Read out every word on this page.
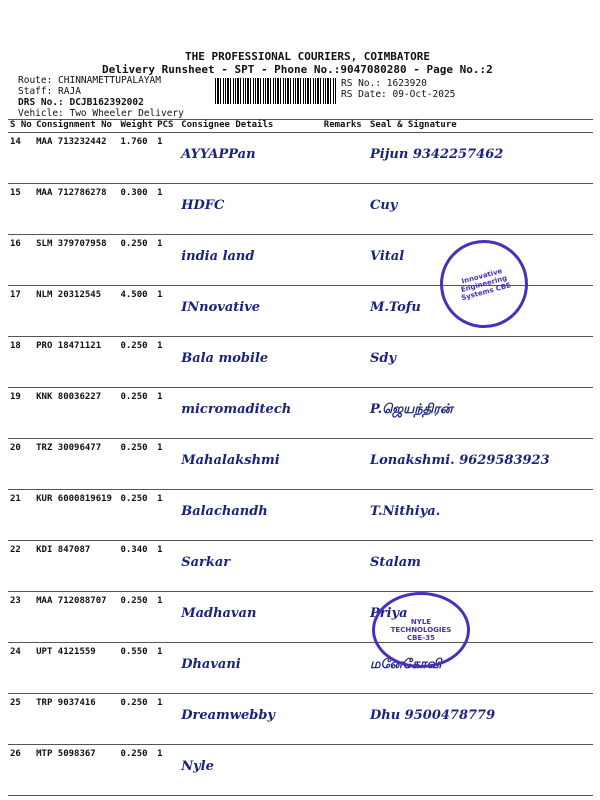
THE PROFESSIONAL COURIERS, COIMBATORE
Delivery Runsheet - SPT - Phone No.:9047080280 - Page No.:2
Route: CHINNAMETTUPALAYAM
Staff: RAJA
DRS No.: DCJB162392002
Vehicle: Two Wheeler Delivery
RS No.: 1623920
RS Date: 09-Oct-2025
S No	Consignment No	Weight	PCS	Consignee Details	Remarks	Seal & Signature
14	MAA 713232442	1.760	1	AYYAPPan		Pijun 9342257462
15	MAA 712786278	0.300	1	HDFC		Cuy
16	SLM 379707958	0.250	1	india land		Vital
17	NLM 20312545	4.500	1	INnovative		M.Tofu
18	PRO 18471121	0.250	1	Bala mobile		Sdy
19	KNK 80036227	0.250	1	micromaditech		P.ஜெயந்திரன்
20	TRZ 30096477	0.250	1	Mahalakshmi		Lonakshmi. 9629583923
21	KUR 6000819619	0.250	1	Balachandh		T.Nithiya.
22	KDI 847087	0.340	1	Sarkar		Stalam
23	MAA 712088707	0.250	1	Madhavan		Priya
24	UPT 4121559	0.550	1	Dhavani		மனேகோவி
25	TRP 9037416	0.250	1	Dreamwebby		Dhu 9500478779
26	MTP 5098367	0.250	1	Nyle		
Innovative Engineering Systems CBE
NYLE TECHNOLOGIES CBE-35
